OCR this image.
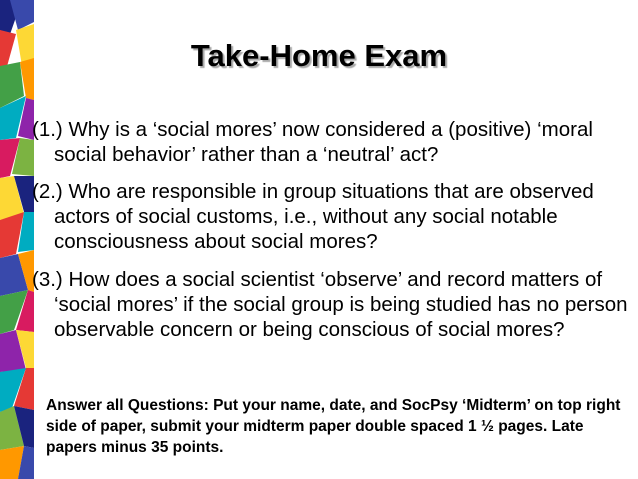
Take-Home Exam

(1.) Why is a ‘social mores’ now considered a (positive) ‘moral social behavior’ rather than a ‘neutral’ act?

(2.) Who are responsible in group situations that are observed actors of social customs, i.e., without any social notable consciousness about social mores?

(3.) How does a social scientist ‘observe’ and record matters of ‘social mores’ if the social group is being studied has no person observable concern or being conscious of social mores?

Answer all Questions: Put your name, date, and SocPsy ‘Midterm’ on top right side of paper, submit your midterm paper double spaced 1 ½ pages. Late papers minus 35 points.
